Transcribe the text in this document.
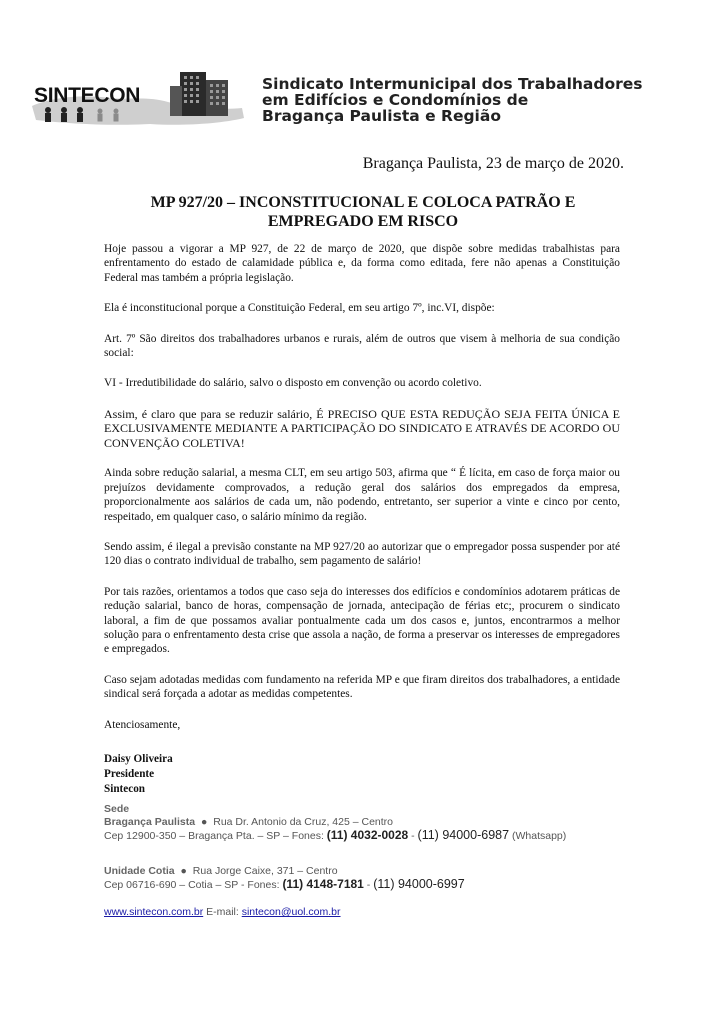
SINTECON	Sindicato Intermunicipal dos Trabalhadores
em Edifícios e Condomínios de
Bragança Paulista e Região
Bragança Paulista, 23 de março de 2020.
MP 927/20 – INCONSTITUCIONAL E COLOCA PATRÃO E
EMPREGADO EM RISCO

Hoje passou a vigorar a MP 927, de 22 de março de 2020, que dispõe sobre medidas trabalhistas para enfrentamento do estado de calamidade pública e, da forma como editada, fere não apenas a Constituição Federal mas também a própria legislação.

Ela é inconstitucional porque a Constituição Federal, em seu artigo 7º, inc.VI, dispõe:

Art. 7º São direitos dos trabalhadores urbanos e rurais, além de outros que visem à melhoria de sua condição social:

VI - Irredutibilidade do salário, salvo o disposto em convenção ou acordo coletivo.

Assim, é claro que para se reduzir salário, É PRECISO QUE ESTA REDUÇÃO SEJA FEITA ÚNICA E EXCLUSIVAMENTE MEDIANTE A PARTICIPAÇÃO DO SINDICATO E ATRAVÉS DE ACORDO OU CONVENÇÃO COLETIVA!

Ainda sobre redução salarial, a mesma CLT, em seu artigo 503, afirma que “ É lícita, em caso de força maior ou prejuízos devidamente comprovados, a redução geral dos salários dos empregados da empresa, proporcionalmente aos salários de cada um, não podendo, entretanto, ser superior a vinte e cinco por cento, respeitado, em qualquer caso, o salário mínimo da região.

Sendo assim, é ilegal a previsão constante na MP 927/20 ao autorizar que o empregador possa suspender por até 120 dias o contrato individual de trabalho, sem pagamento de salário!

Por tais razões, orientamos a todos que caso seja do interesses dos edifícios e condomínios adotarem práticas de redução salarial, banco de horas, compensação de jornada, antecipação de férias etc;, procurem o sindicato laboral, a fim de que possamos avaliar pontualmente cada um dos casos e, juntos, encontrarmos a melhor solução para o enfrentamento desta crise que assola a nação, de forma a preservar os interesses de empregadores e empregados.

Caso sejam adotadas medidas com fundamento na referida MP e que firam direitos dos trabalhadores, a entidade sindical será forçada a adotar as medidas competentes.

Atenciosamente,

Daisy Oliveira
Presidente
Sintecon
Sede
Bragança Paulista ● Rua Dr. Antonio da Cruz, 425 – Centro
Cep 12900-350 – Bragança Pta. – SP – Fones: (11) 4032-0028 - (11) 94000-6987 (Whatsapp)
Unidade Cotia ● Rua Jorge Caixe, 371 – Centro
Cep 06716-690 – Cotia – SP - Fones: (11) 4148-7181 - (11) 94000-6997
www.sintecon.com.br E-mail: sintecon@uol.com.br
